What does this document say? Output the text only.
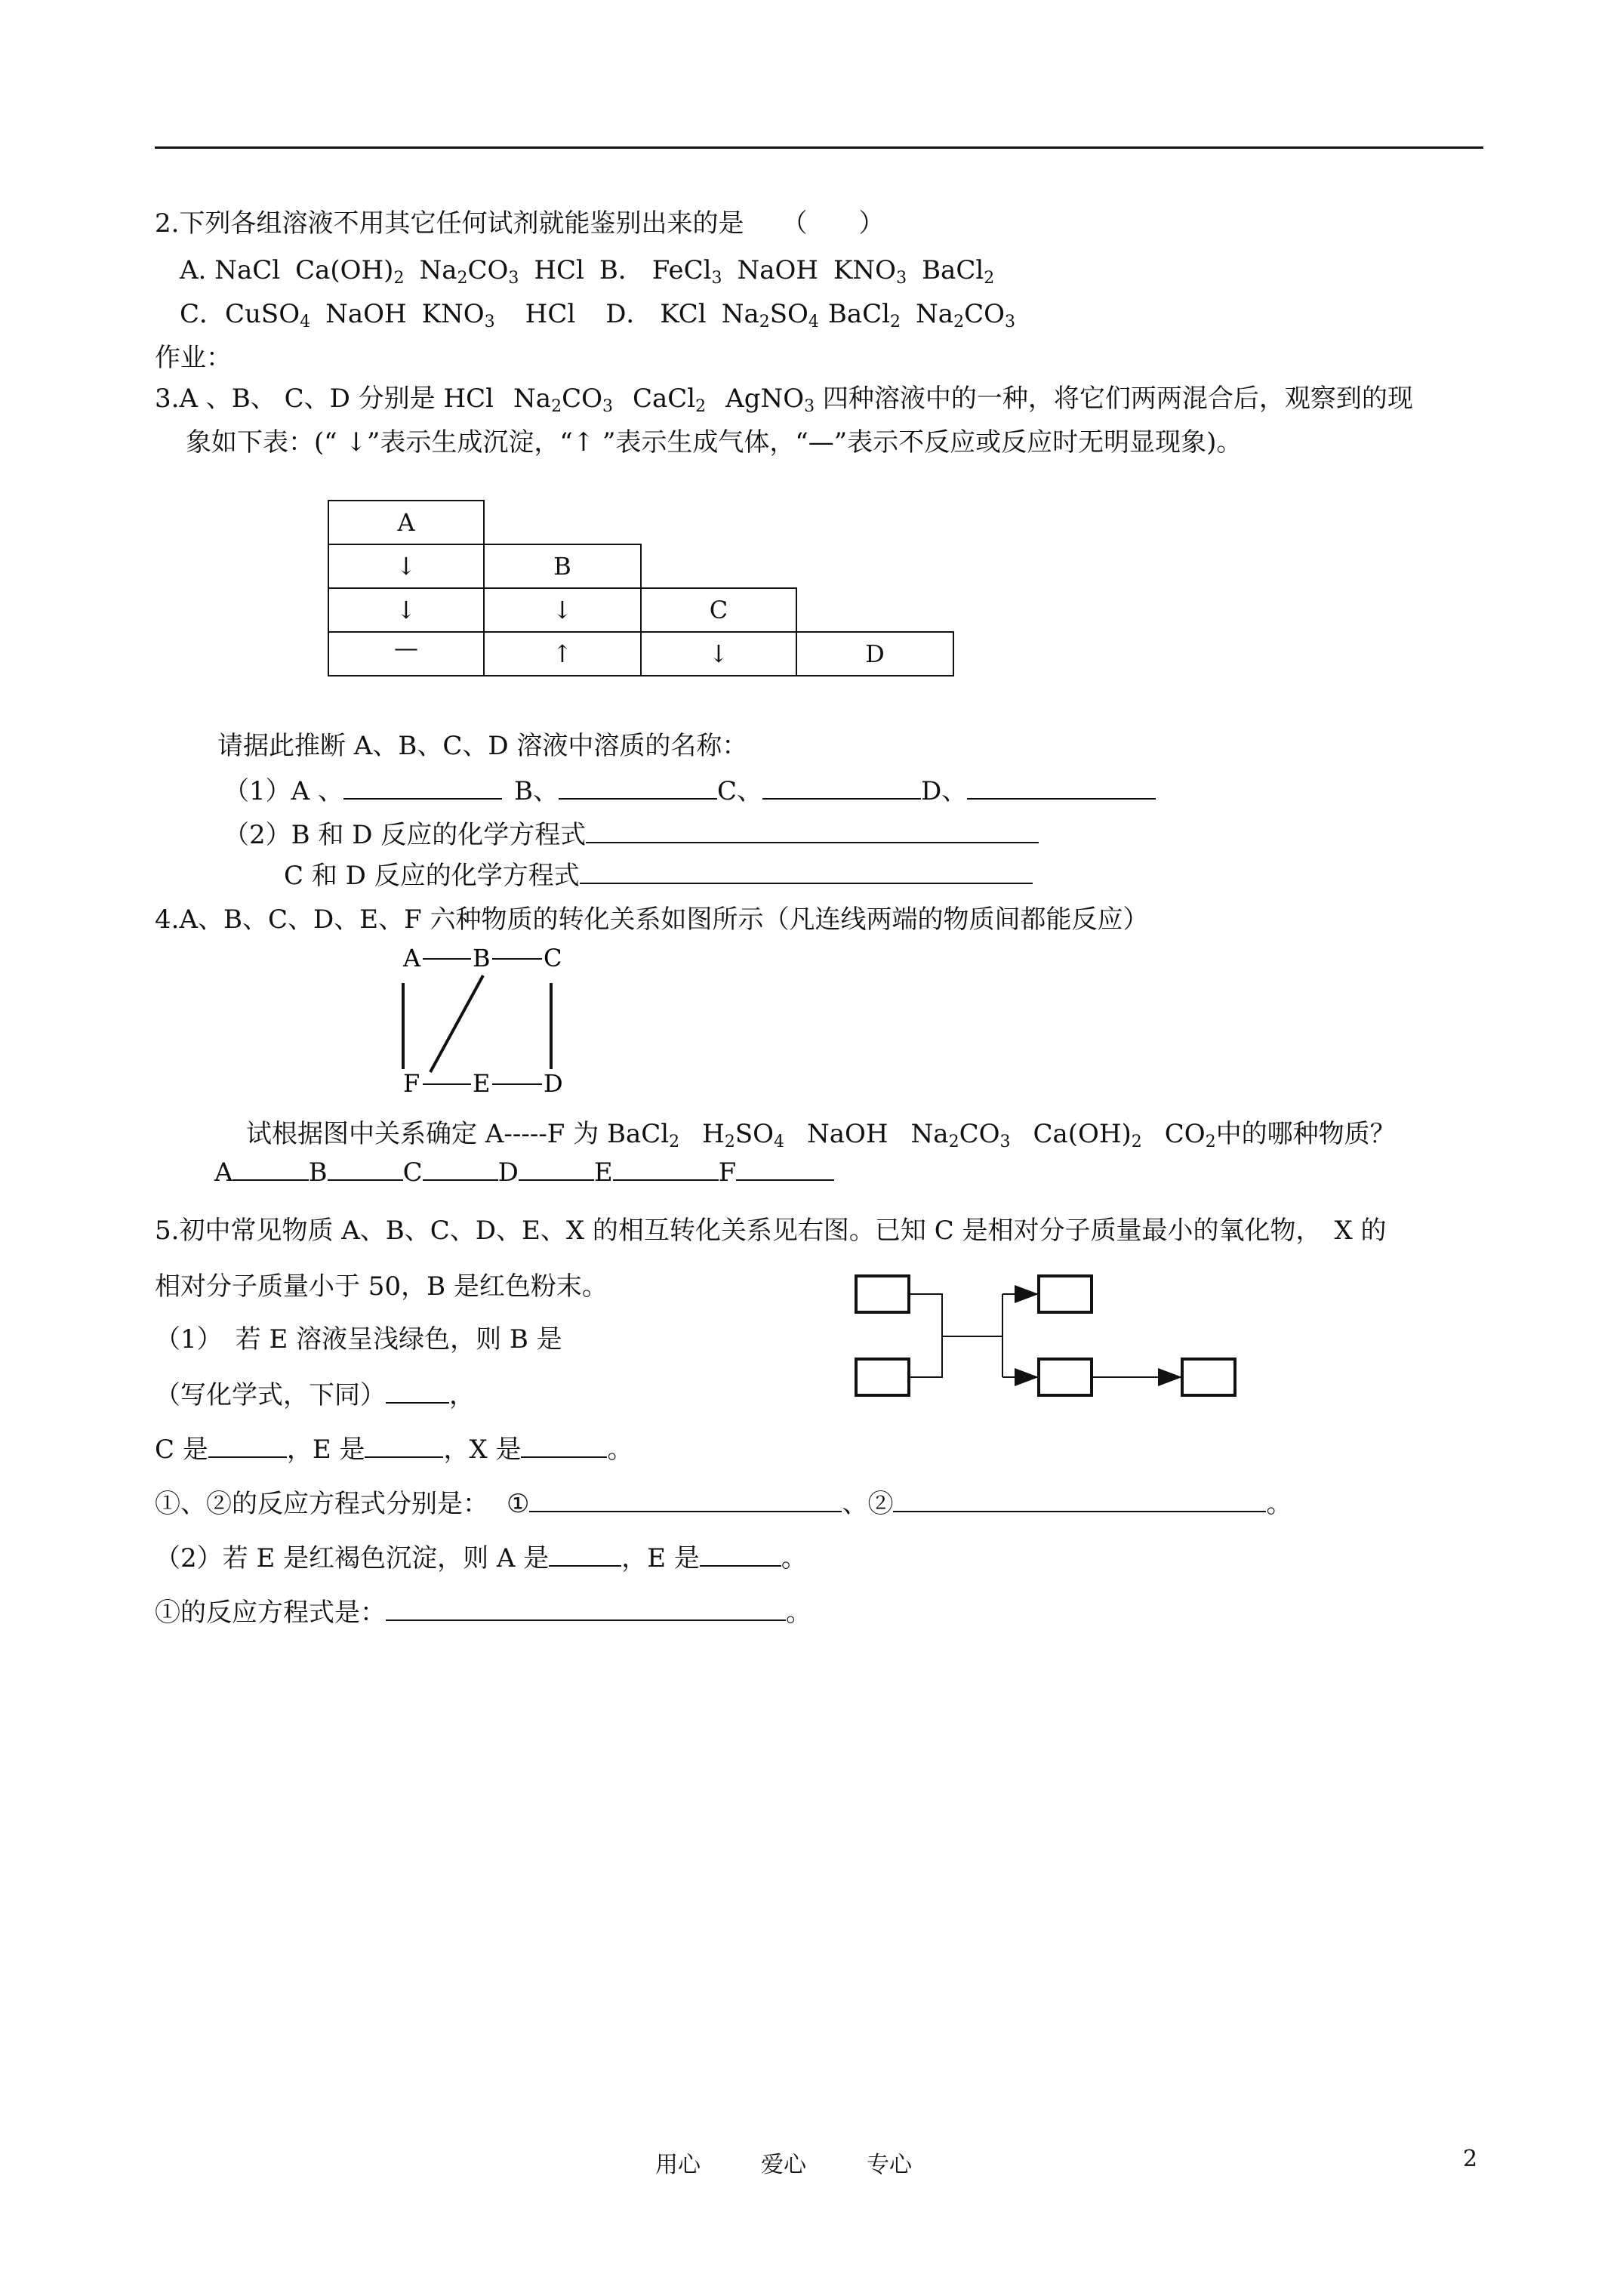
2.下列各组溶液不用其它任何试剂就能鉴别出来的是 （　　）
A. NaCl $Ca(OH)_2$ $Na_2CO_3$ HCl B． FeCl$_3$ NaOH $KNO_3$ BaCl$_2$
C．CuSO$_4$ NaOH $KNO_3$ HCl D． KCl $Na_2SO_4$ BaCl$_2$ $Na_2CO_3$
作业：
3.A 、B、 C、D 分别是 HCl $Na_2CO_3$ CaCl$_2$ AgNO$_3$ 四种溶液中的一种，将它们两两混合后，观察到的现
象如下表：(“ ↓”表示生成沉淀，“↑ ”表示生成气体，“—”表示不反应或反应时无明显现象)。
A
↓	B
↓	↓	C
—	↑	↓	D
请据此推断 A、B、C、D 溶液中溶质的名称：
（1）A 、	B、	C、	D、
（2）B 和 D 反应的化学方程式
C 和 D 反应的化学方程式
4.A、B、C、D、E、F 六种物质的转化关系如图所示（凡连线两端的物质间都能反应）
A B C
F E D
试根据图中关系确定 A-----F 为 BaCl$_2$ $H_2SO_4$ NaOH $Na_2CO_3$ $Ca(OH)_2$ $CO_2$中的哪种物质？
A	B	C	D	E	F
5.初中常见物质 A、B、C、D、E、X 的相互转化关系见右图。已知 C 是相对分子质量最小的氧化物，　X 的
相对分子质量小于 50，B 是红色粉末。
（1）　若 E 溶液呈浅绿色，则 B 是
（写化学式，下同） ，
C 是	，E 是	，X 是	。
①、②的反应方程式分别是： ①	、②	。
（2）若 E 是红褐色沉淀，则 A 是	，E 是	。
①的反应方程式是：	。
用心	爱心	专心	2
